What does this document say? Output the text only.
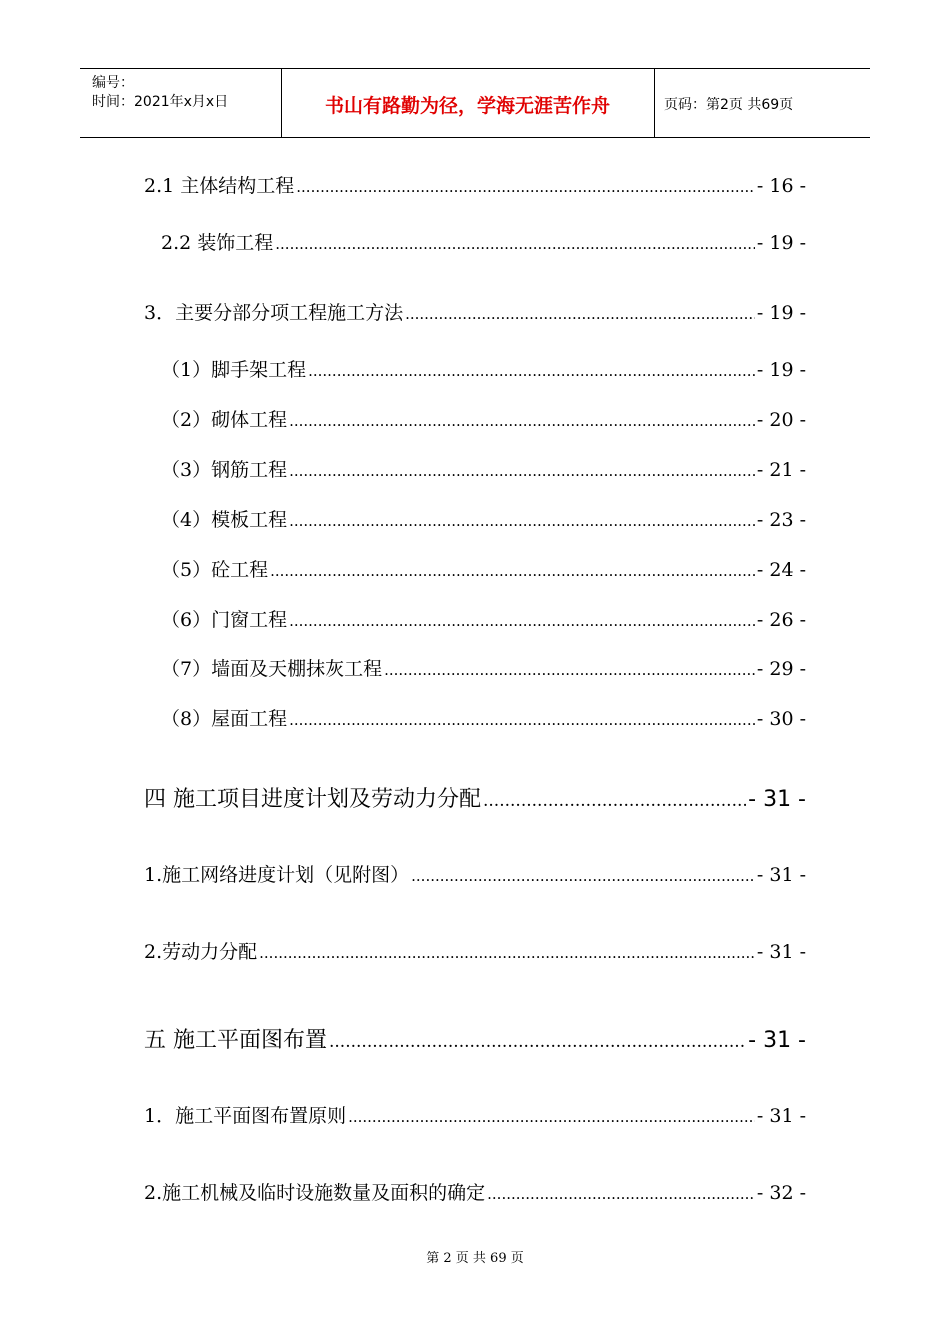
编号：
时间：2021年x月x日	书山有路勤为径，学海无涯苦作舟	页码：第2页 共69页
2.1 主体结构工程 .....	- 16 -
2.2 装饰工程 .....	- 19 -
3．主要分部分项工程施工方法 .....	- 19 -
（1）脚手架工程 .....	- 19 -
（2）砌体工程 .....	- 20 -
（3）钢筋工程 .....	- 21 -
（4）模板工程 .....	- 23 -
（5）砼工程 .....	- 24 -
（6）门窗工程 .....	- 26 -
（7）墙面及天棚抹灰工程 .....	- 29 -
（8）屋面工程 .....	- 30 -
四 施工项目进度计划及劳动力分配 .....	- 31 -
1.施工网络进度计划（见附图） .....	- 31 -
2.劳动力分配 .....	- 31 -
五 施工平面图布置 .....	- 31 -
1．施工平面图布置原则 .....	- 31 -
2.施工机械及临时设施数量及面积的确定 .....	- 32 -
第 2 页 共 69 页
